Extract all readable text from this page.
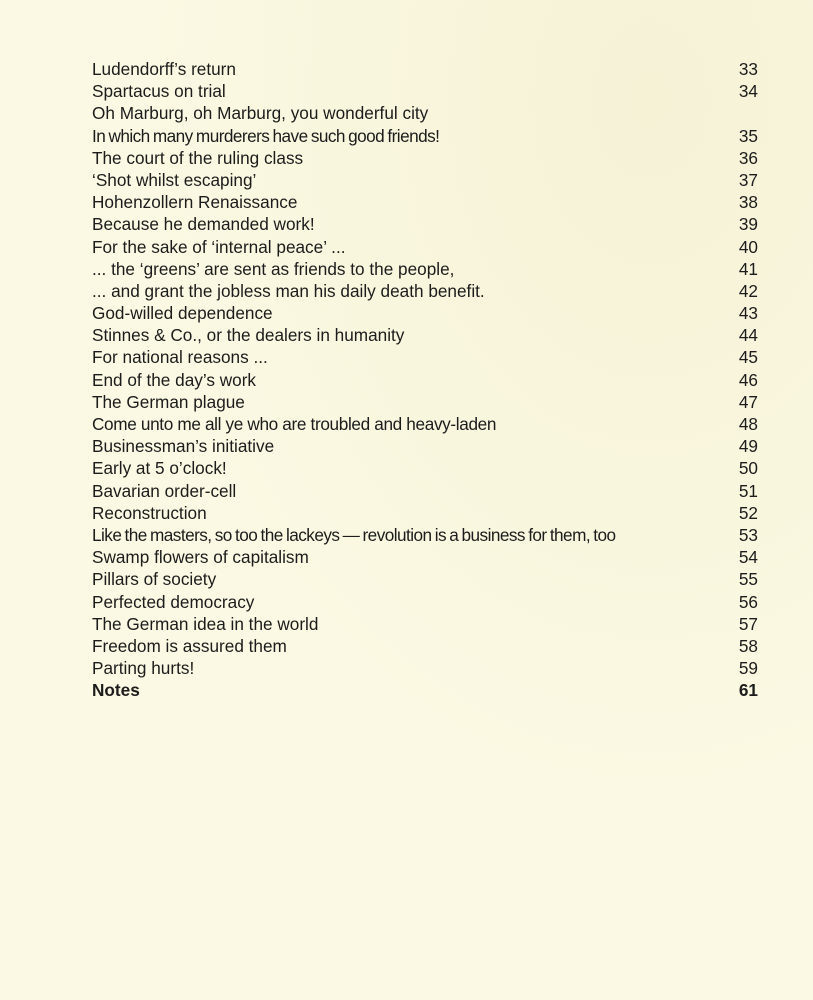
Ludendorff’s return	33
Spartacus on trial	34
Oh Marburg, oh Marburg, you wonderful city
In which many murderers have such good friends!	35
The court of the ruling class	36
‘Shot whilst escaping’	37
Hohenzollern Renaissance	38
Because he demanded work!	39
For the sake of ‘internal peace’ ...	40
... the ‘greens’ are sent as friends to the people,	41
... and grant the jobless man his daily death benefit.	42
God-willed dependence	43
Stinnes & Co., or the dealers in humanity	44
For national reasons ...	45
End of the day’s work	46
The German plague	47
Come unto me all ye who are troubled and heavy-laden	48
Businessman’s initiative	49
Early at 5 o’clock!	50
Bavarian order-cell	51
Reconstruction	52
Like the masters, so too the lackeys — revolution is a business for them, too	53
Swamp flowers of capitalism	54
Pillars of society	55
Perfected democracy	56
The German idea in the world	57
Freedom is assured them	58
Parting hurts!	59
Notes	61
